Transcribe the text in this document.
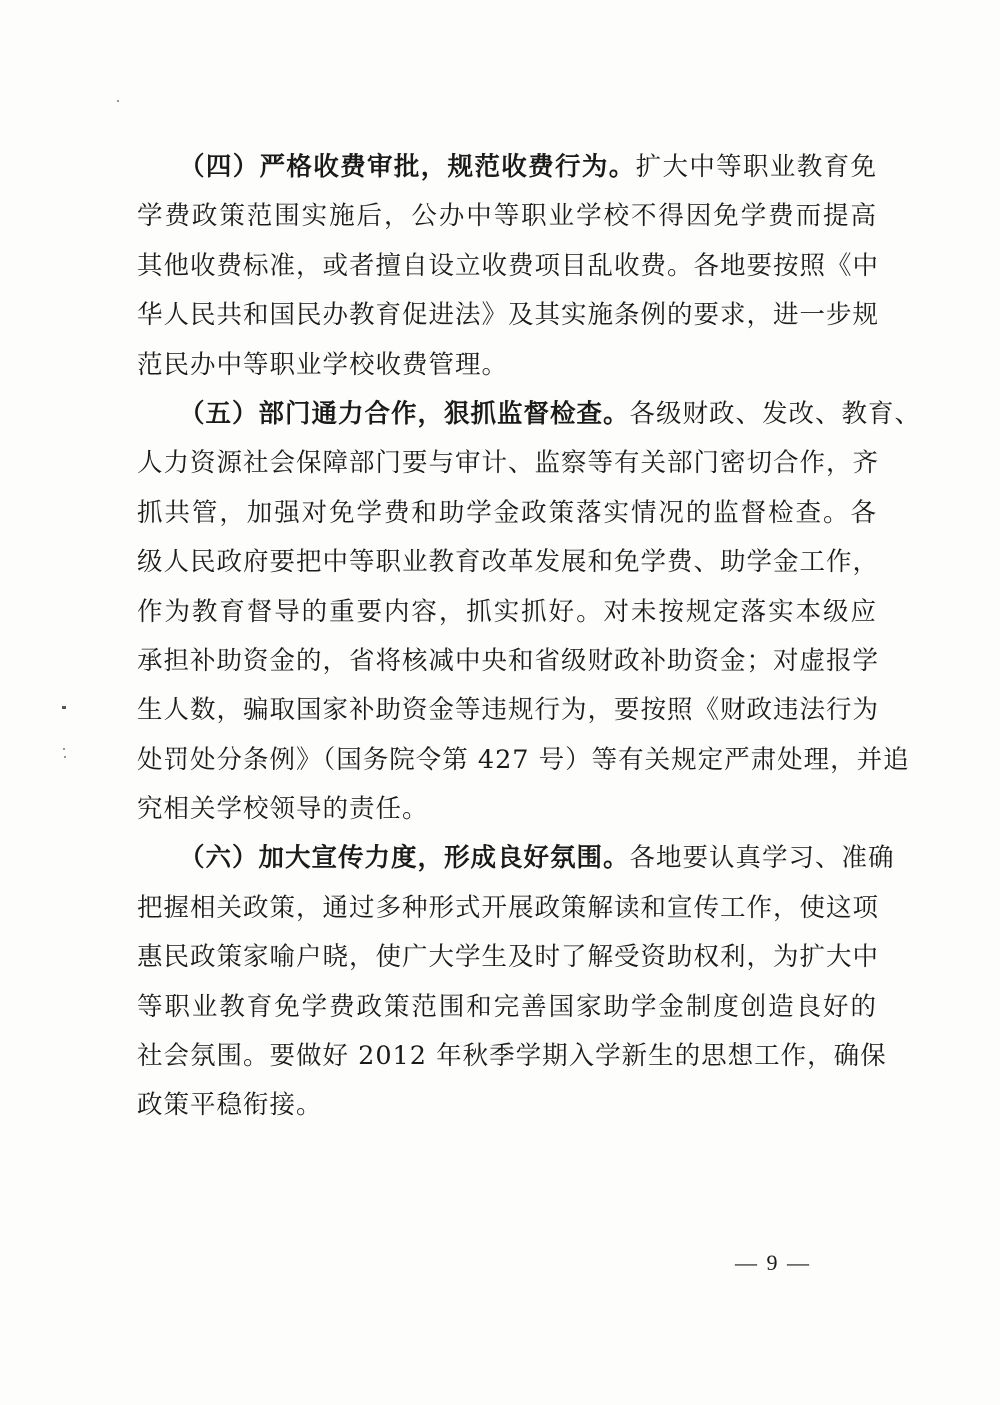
（四）严格收费审批，规范收费行为。扩大中等职业教育免
学费政策范围实施后，公办中等职业学校不得因免学费而提高
其他收费标准，或者擅自设立收费项目乱收费。各地要按照《中
华人民共和国民办教育促进法》及其实施条例的要求，进一步规
范民办中等职业学校收费管理。
（五）部门通力合作，狠抓监督检查。各级财政、发改、教育、
人力资源社会保障部门要与审计、监察等有关部门密切合作，齐
抓共管，加强对免学费和助学金政策落实情况的监督检查。各
级人民政府要把中等职业教育改革发展和免学费、助学金工作，
作为教育督导的重要内容，抓实抓好。对未按规定落实本级应
承担补助资金的，省将核减中央和省级财政补助资金；对虚报学
生人数，骗取国家补助资金等违规行为，要按照《财政违法行为
处罚处分条例》（国务院令第 427 号）等有关规定严肃处理，并追
究相关学校领导的责任。
（六）加大宣传力度，形成良好氛围。各地要认真学习、准确
把握相关政策，通过多种形式开展政策解读和宣传工作，使这项
惠民政策家喻户晓，使广大学生及时了解受资助权利，为扩大中
等职业教育免学费政策范围和完善国家助学金制度创造良好的
社会氛围。要做好 2012 年秋季学期入学新生的思想工作，确保
政策平稳衔接。
— 9 —
